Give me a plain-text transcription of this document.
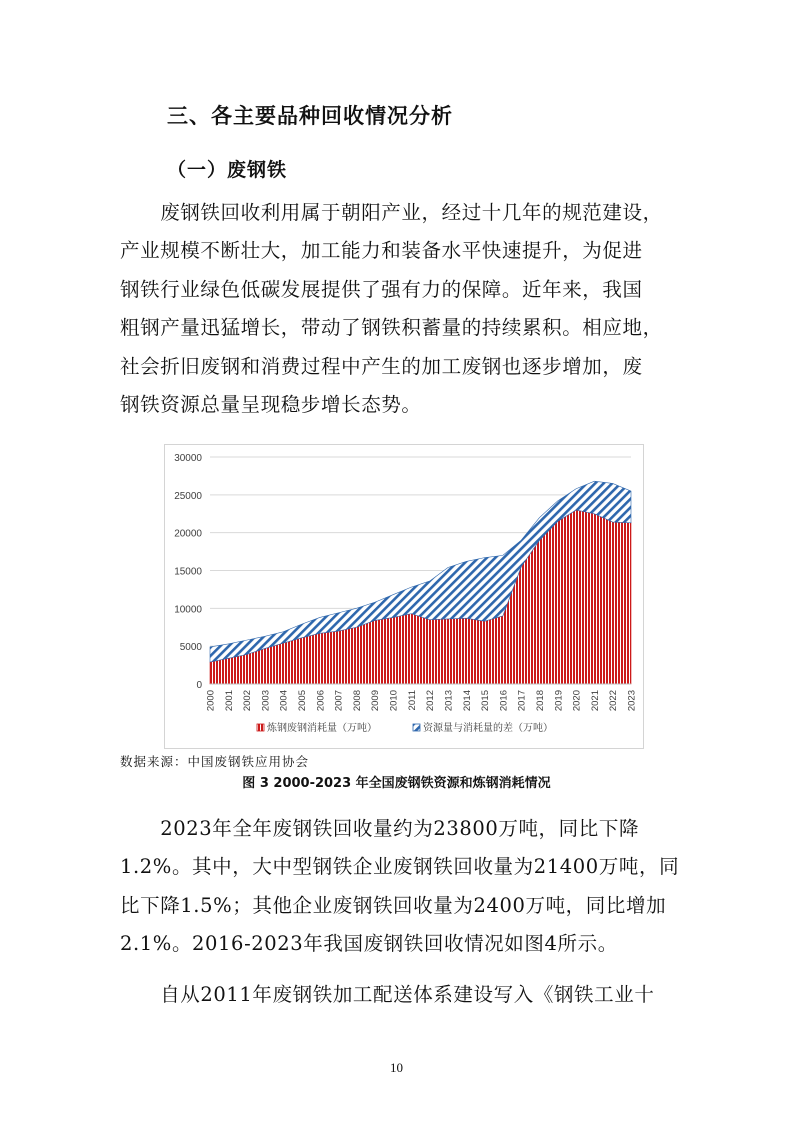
三、各主要品种回收情况分析
（一）废钢铁
　　废钢铁回收利用属于朝阳产业，经过十几年的规范建设，
产业规模不断壮大，加工能力和装备水平快速提升，为促进
钢铁行业绿色低碳发展提供了强有力的保障。近年来，我国
粗钢产量迅猛增长，带动了钢铁积蓄量的持续累积。相应地，
社会折旧废钢和消费过程中产生的加工废钢也逐步增加，废
钢铁资源总量呈现稳步增长态势。
0
5000
10000
15000
20000
25000
30000
2000 2001 2002 2003 2004 2005 2006 2007 2008 2009 2010 2011 2012 2013 2014 2015 2016 2017 2018 2019 2020 2021 2022 2023
炼钢废钢消耗量（万吨）	资源量与消耗量的差（万吨）

数据来源：中国废钢铁应用协会

图 3 2000-2023 年全国废钢铁资源和炼钢消耗情况

　　2023年全年废钢铁回收量约为23800万吨，同比下降
1.2%。其中，大中型钢铁企业废钢铁回收量为21400万吨，同
比下降1.5%；其他企业废钢铁回收量为2400万吨，同比增加
2.1%。2016-2023年我国废钢铁回收情况如图4所示。
　　自从2011年废钢铁加工配送体系建设写入《钢铁工业十

10
